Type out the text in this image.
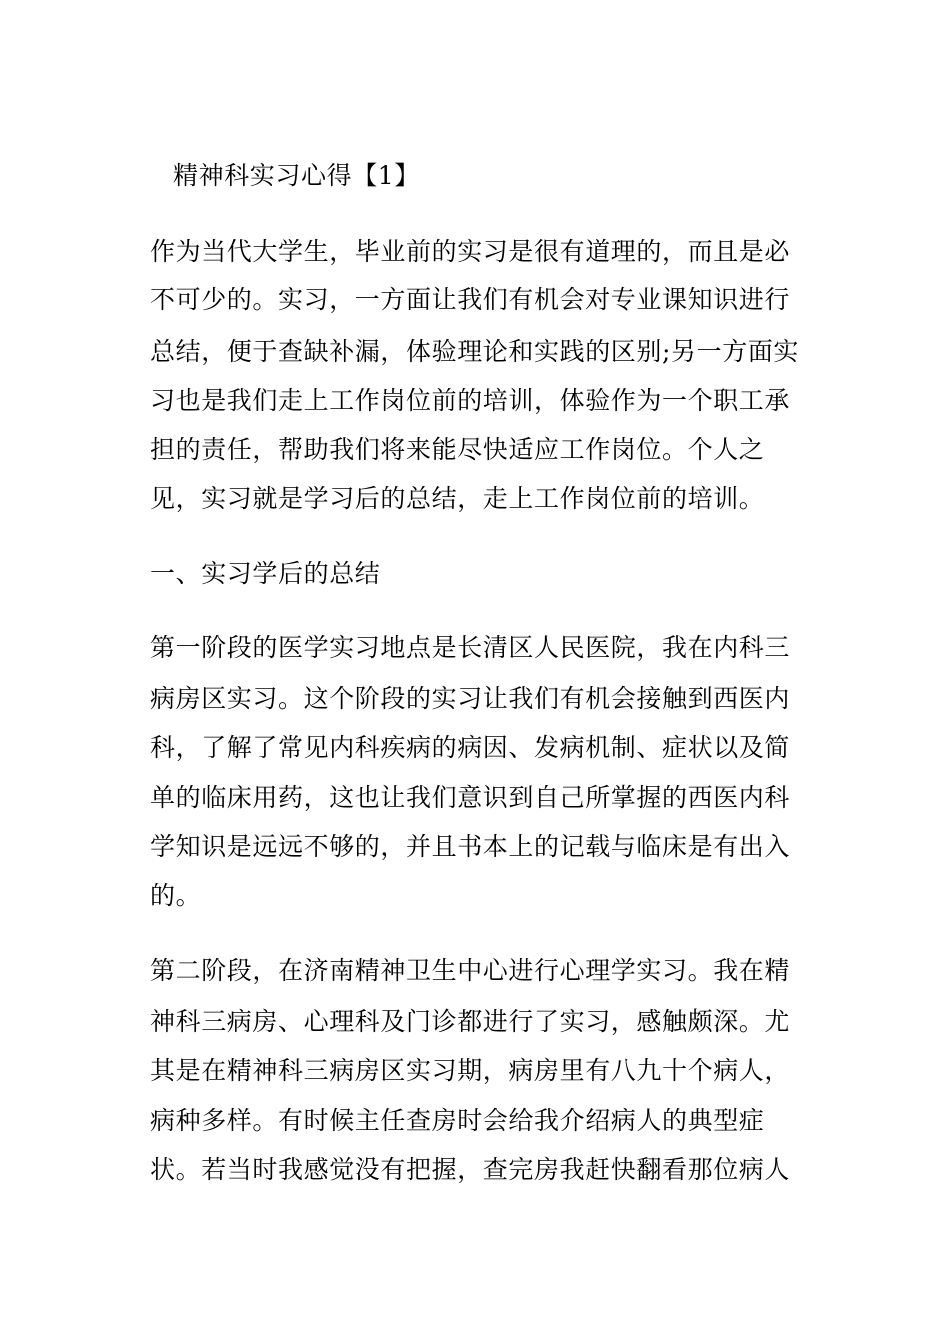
精神科实习心得【1】
作为当代大学生，毕业前的实习是很有道理的，而且是必
不可少的。实习，一方面让我们有机会对专业课知识进行
总结，便于查缺补漏，体验理论和实践的区别;另一方面实
习也是我们走上工作岗位前的培训，体验作为一个职工承
担的责任，帮助我们将来能尽快适应工作岗位。个人之
见，实习就是学习后的总结，走上工作岗位前的培训。
一、实习学后的总结
第一阶段的医学实习地点是长清区人民医院，我在内科三
病房区实习。这个阶段的实习让我们有机会接触到西医内
科，了解了常见内科疾病的病因、发病机制、症状以及简
单的临床用药，这也让我们意识到自己所掌握的西医内科
学知识是远远不够的，并且书本上的记载与临床是有出入
的。
第二阶段，在济南精神卫生中心进行心理学实习。我在精
神科三病房、心理科及门诊都进行了实习，感触颇深。尤
其是在精神科三病房区实习期，病房里有八九十个病人，
病种多样。有时候主任查房时会给我介绍病人的典型症
状。若当时我感觉没有把握，查完房我赶快翻看那位病人
